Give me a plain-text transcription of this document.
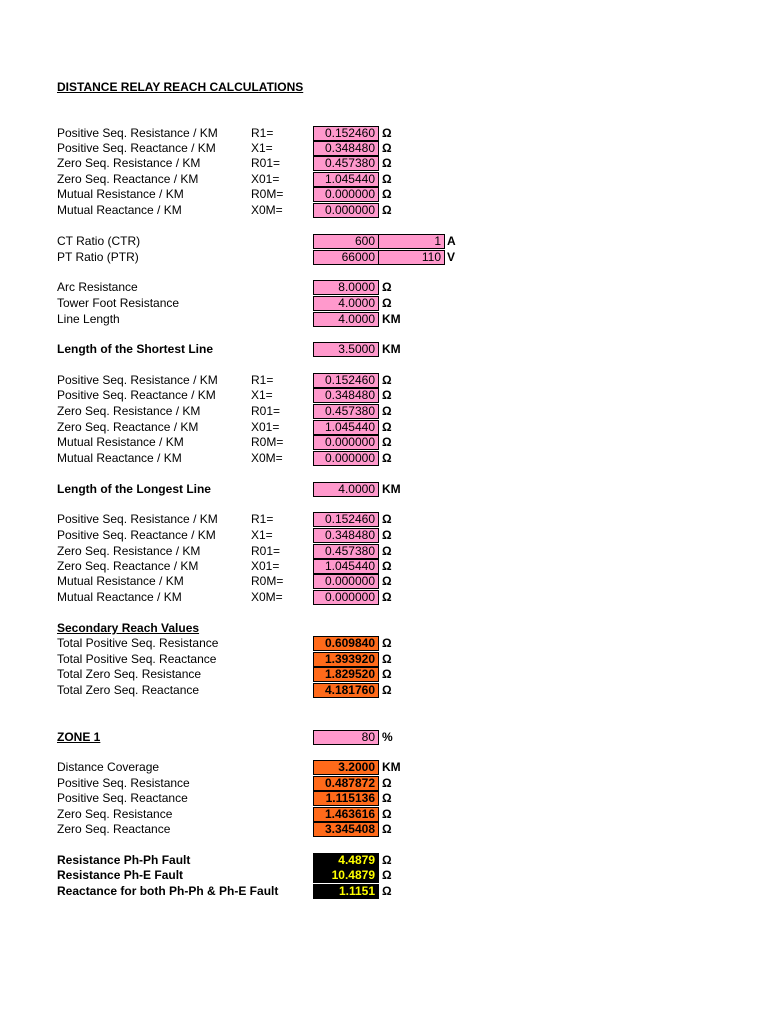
DISTANCE RELAY REACH CALCULATIONS
Positive Seq. Resistance / KM	R1=	0.152460 Ω
Positive Seq. Reactance / KM	X1=	0.348480 Ω
Zero Seq. Resistance / KM	R01=	0.457380 Ω
Zero Seq. Reactance / KM	X01=	1.045440 Ω
Mutual Resistance / KM	R0M=	0.000000 Ω
Mutual Reactance / KM	X0M=	0.000000 Ω
CT Ratio (CTR)	600	1 A
PT Ratio (PTR)	66000	110 V
Arc Resistance	8.0000 Ω
Tower Foot Resistance	4.0000 Ω
Line Length	4.0000 KM
Length of the Shortest Line	3.5000 KM
Positive Seq. Resistance / KM	R1=	0.152460 Ω
Positive Seq. Reactance / KM	X1=	0.348480 Ω
Zero Seq. Resistance / KM	R01=	0.457380 Ω
Zero Seq. Reactance / KM	X01=	1.045440 Ω
Mutual Resistance / KM	R0M=	0.000000 Ω
Mutual Reactance / KM	X0M=	0.000000 Ω
Length of the Longest Line	4.0000 KM
Positive Seq. Resistance / KM	R1=	0.152460 Ω
Positive Seq. Reactance / KM	X1=	0.348480 Ω
Zero Seq. Resistance / KM	R01=	0.457380 Ω
Zero Seq. Reactance / KM	X01=	1.045440 Ω
Mutual Resistance / KM	R0M=	0.000000 Ω
Mutual Reactance / KM	X0M=	0.000000 Ω
Secondary Reach Values
Total Positive Seq. Resistance	0.609840 Ω
Total Positive Seq. Reactance	1.393920 Ω
Total Zero Seq. Resistance	1.829520 Ω
Total Zero Seq. Reactance	4.181760 Ω
ZONE 1	80 %
Distance Coverage	3.2000 KM
Positive Seq. Resistance	0.487872 Ω
Positive Seq. Reactance	1.115136 Ω
Zero Seq. Resistance	1.463616 Ω
Zero Seq. Reactance	3.345408 Ω
Resistance Ph-Ph Fault	4.4879 Ω
Resistance Ph-E Fault	10.4879 Ω
Reactance for both Ph-Ph & Ph-E Fault	1.1151 Ω
